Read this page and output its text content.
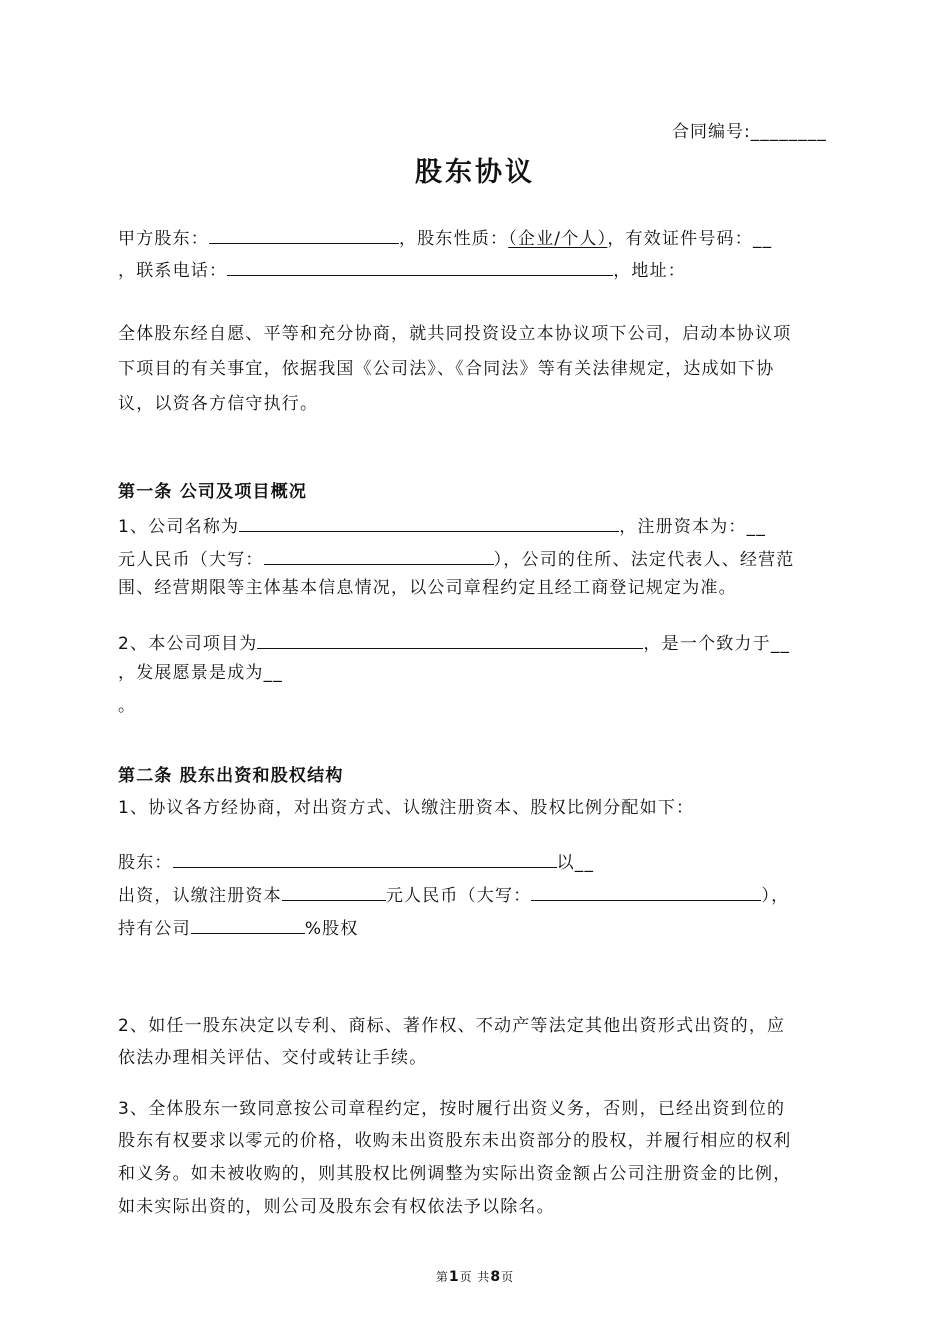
合同编号:________
股东协议
甲方股东：	，股东性质：（企业/个人），有效证件号码：__
，联系电话：	，地址：
全体股东经自愿、平等和充分协商，就共同投资设立本协议项下公司，启动本协议项
下项目的有关事宜，依据我国《公司法》、《合同法》等有关法律规定，达成如下协
议，以资各方信守执行。
第一条 公司及项目概况
1、公司名称为	，注册资本为：__
元人民币（大写：	），公司的住所、法定代表人、经营范
围、经营期限等主体基本信息情况，以公司章程约定且经工商登记规定为准。
2、本公司项目为	，是一个致力于__
，发展愿景是成为__
。
第二条 股东出资和股权结构
1、协议各方经协商，对出资方式、认缴注册资本、股权比例分配如下：
股东：	以__
出资，认缴注册资本	元人民币（大写：	），
持有公司	%股权
2、如任一股东决定以专利、商标、著作权、不动产等法定其他出资形式出资的，应
依法办理相关评估、交付或转让手续。
3、全体股东一致同意按公司章程约定，按时履行出资义务，否则，已经出资到位的
股东有权要求以零元的价格，收购未出资股东未出资部分的股权，并履行相应的权利
和义务。如未被收购的，则其股权比例调整为实际出资金额占公司注册资金的比例，
如未实际出资的，则公司及股东会有权依法予以除名。
第1页 共8页
